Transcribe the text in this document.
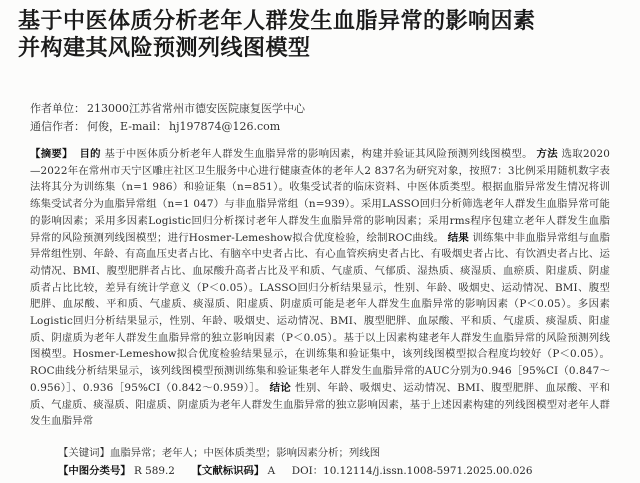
基于中医体质分析老年人群发生血脂异常的影响因素
并构建其风险预测列线图模型
作者单位： 213000江苏省常州市德安医院康复医学中心
通信作者： 何俊，E-mail： hj197874@126.com
【摘要】 目的 基于中医体质分析老年人群发生血脂异常的影响因素，构建并验证其风险预测列线图模型。 方法 选取2020—2022年在常州市天宁区雕庄社区卫生服务中心进行健康查体的老年人2 837名为研究对象，按照7：3比例采用随机数字表法将其分为训练集（n=1 986）和验证集（n=851）。收集受试者的临床资料、中医体质类型。根据血脂异常发生情况将训练集受试者分为血脂异常组（n=1 047）与非血脂异常组（n=939）。采用LASSO回归分析筛选老年人群发生血脂异常可能的影响因素；采用多因素Logistic回归分析探讨老年人群发生血脂异常的影响因素；采用rms程序包建立老年人群发生血脂异常的风险预测列线图模型；进行Hosmer-Lemeshow拟合优度检验，绘制ROC曲线。 结果 训练集中非血脂异常组与血脂异常组性别、年龄、有高血压史者占比、有脑卒中史者占比、有心血管疾病史者占比、有吸烟史者占比、有饮酒史者占比、运动情况、BMI、腹型肥胖者占比、血尿酸升高者占比及平和质、气虚质、气郁质、湿热质、痰湿质、血瘀质、阳虚质、阴虚质者占比比较，差异有统计学意义（P＜0.05）。LASSO回归分析结果显示，性别、年龄、吸烟史、运动情况、BMI、腹型肥胖、血尿酸、平和质、气虚质、痰湿质、阳虚质、阴虚质可能是老年人群发生血脂异常的影响因素（P＜0.05）。多因素Logistic回归分析结果显示，性别、年龄、吸烟史、运动情况、BMI、腹型肥胖、血尿酸、平和质、气虚质、痰湿质、阳虚质、阴虚质为老年人群发生血脂异常的独立影响因素（P＜0.05）。基于以上因素构建老年人群发生血脂异常的风险预测列线图模型。Hosmer-Lemeshow拟合优度检验结果显示，在训练集和验证集中，该列线图模型拟合程度均较好（P＜0.05）。ROC曲线分析结果显示，该列线图模型预测训练集和验证集老年人群发生血脂异常的AUC分别为0.946［95%CI（0.847～0.956）］、0.936［95%CI（0.842～0.959）］。 结论 性别、年龄、吸烟史、运动情况、BMI、腹型肥胖、血尿酸、平和质、气虚质、痰湿质、阳虚质、阴虚质为老年人群发生血脂异常的独立影响因素，基于上述因素构建的列线图模型对老年人群发生血脂异常
【关键词】血脂异常；老年人；中医体质类型；影响因素分析；列线图
【中图分类号】 R 589.2 【文献标识码】 A DOI：10.12114/j.issn.1008-5971.2025.00.026
